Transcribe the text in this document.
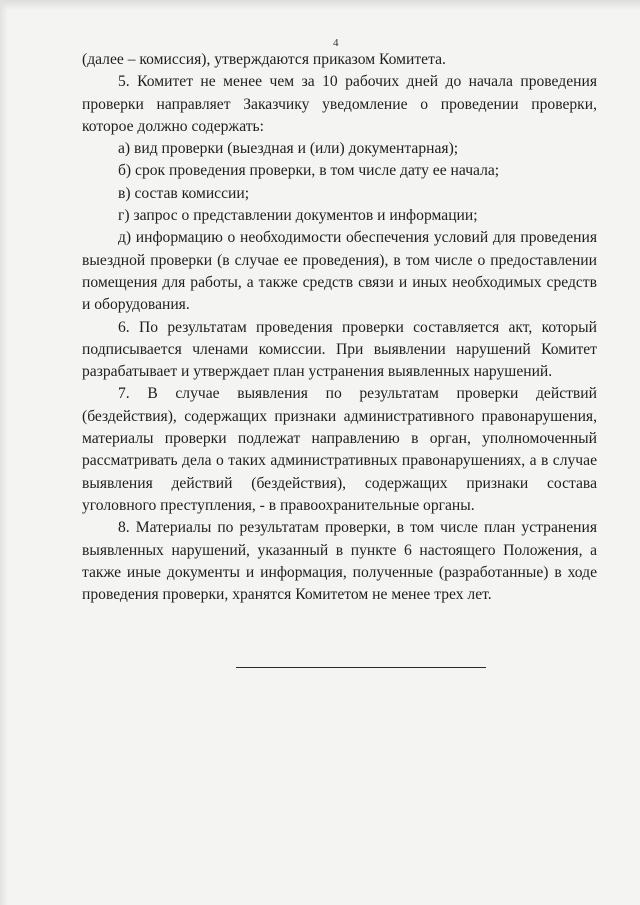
4

(далее – комиссия), утверждаются приказом Комитета.

5. Комитет не менее чем за 10 рабочих дней до начала проведения проверки направляет Заказчику уведомление о проведении проверки, которое должно содержать:

а) вид проверки (выездная и (или) документарная);

б) срок проведения проверки, в том числе дату ее начала;

в) состав комиссии;

г) запрос о представлении документов и информации;

д) информацию о необходимости обеспечения условий для проведения выездной проверки (в случае ее проведения), в том числе о предоставлении помещения для работы, а также средств связи и иных необходимых средств и оборудования.

6. По результатам проведения проверки составляется акт, который подписывается членами комиссии. При выявлении нарушений Комитет разрабатывает и утверждает план устранения выявленных нарушений.

7. В случае выявления по результатам проверки действий (бездействия), содержащих признаки административного правонарушения, материалы проверки подлежат направлению в орган, уполномоченный рассматривать дела о таких административных правонарушениях, а в случае выявления действий (бездействия), содержащих признаки состава уголовного преступления, - в правоохранительные органы.

8. Материалы по результатам проверки, в том числе план устранения выявленных нарушений, указанный в пункте 6 настоящего Положения, а также иные документы и информация, полученные (разработанные) в ходе проведения проверки, хранятся Комитетом не менее трех лет.
